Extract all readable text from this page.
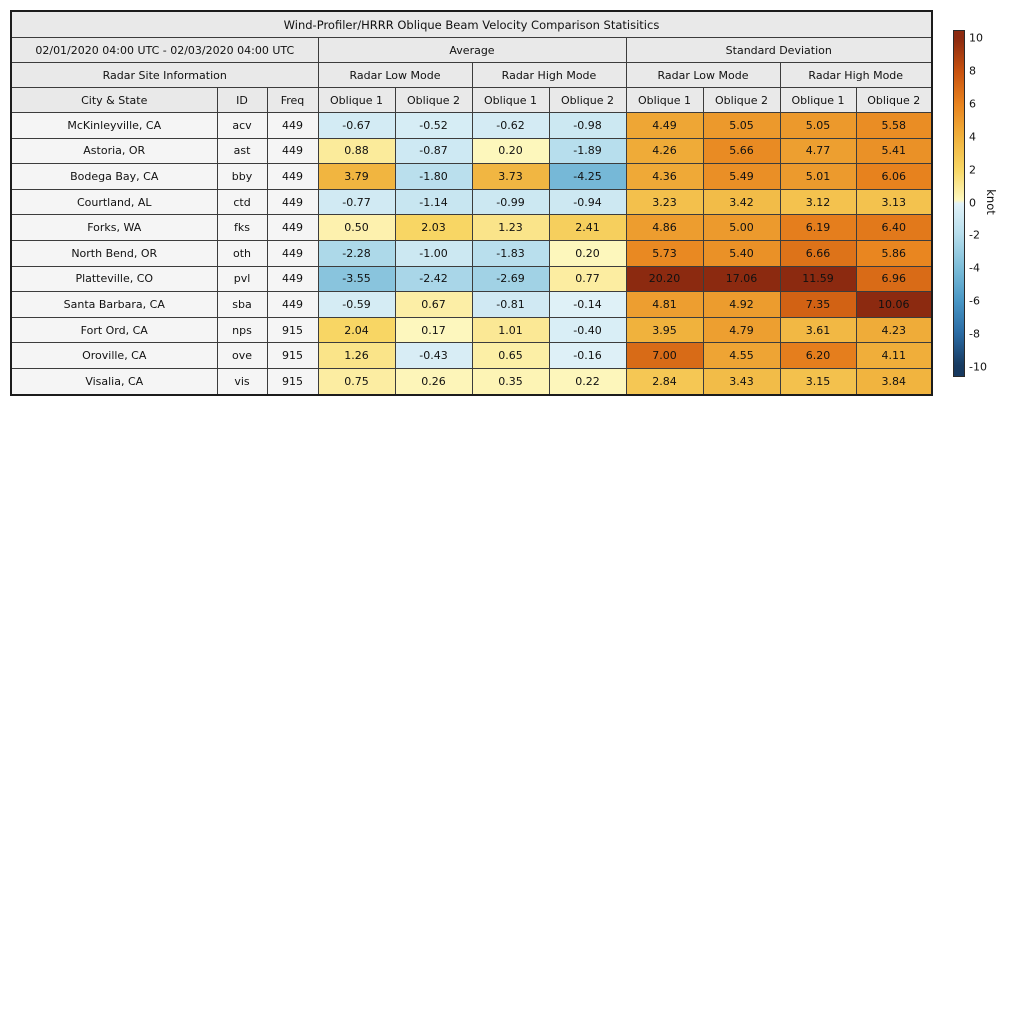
Wind-Profiler/HRRR Oblique Beam Velocity Comparison Statisitics										
02/01/2020 04:00 UTC - 02/03/2020 04:00 UTC			Average				Standard Deviation			
Radar Site Information			Radar Low Mode		Radar High Mode		Radar Low Mode		Radar High Mode	
City & State	ID	Freq	Oblique 1	Oblique 2	Oblique 1	Oblique 2	Oblique 1	Oblique 2	Oblique 1	Oblique 2
McKinleyville, CA	acv	449	-0.67	-0.52	-0.62	-0.98	4.49	5.05	5.05	5.58
Astoria, OR	ast	449	0.88	-0.87	0.20	-1.89	4.26	5.66	4.77	5.41
Bodega Bay, CA	bby	449	3.79	-1.80	3.73	-4.25	4.36	5.49	5.01	6.06
Courtland, AL	ctd	449	-0.77	-1.14	-0.99	-0.94	3.23	3.42	3.12	3.13
Forks, WA	fks	449	0.50	2.03	1.23	2.41	4.86	5.00	6.19	6.40
North Bend, OR	oth	449	-2.28	-1.00	-1.83	0.20	5.73	5.40	6.66	5.86
Platteville, CO	pvl	449	-3.55	-2.42	-2.69	0.77	20.20	17.06	11.59	6.96
Santa Barbara, CA	sba	449	-0.59	0.67	-0.81	-0.14	4.81	4.92	7.35	10.06
Fort Ord, CA	nps	915	2.04	0.17	1.01	-0.40	3.95	4.79	3.61	4.23
Oroville, CA	ove	915	1.26	-0.43	0.65	-0.16	7.00	4.55	6.20	4.11
Visalia, CA	vis	915	0.75	0.26	0.35	0.22	2.84	3.43	3.15	3.84
10
8
6
4
2
0
-2
-4
-6
-8
-10
knot
